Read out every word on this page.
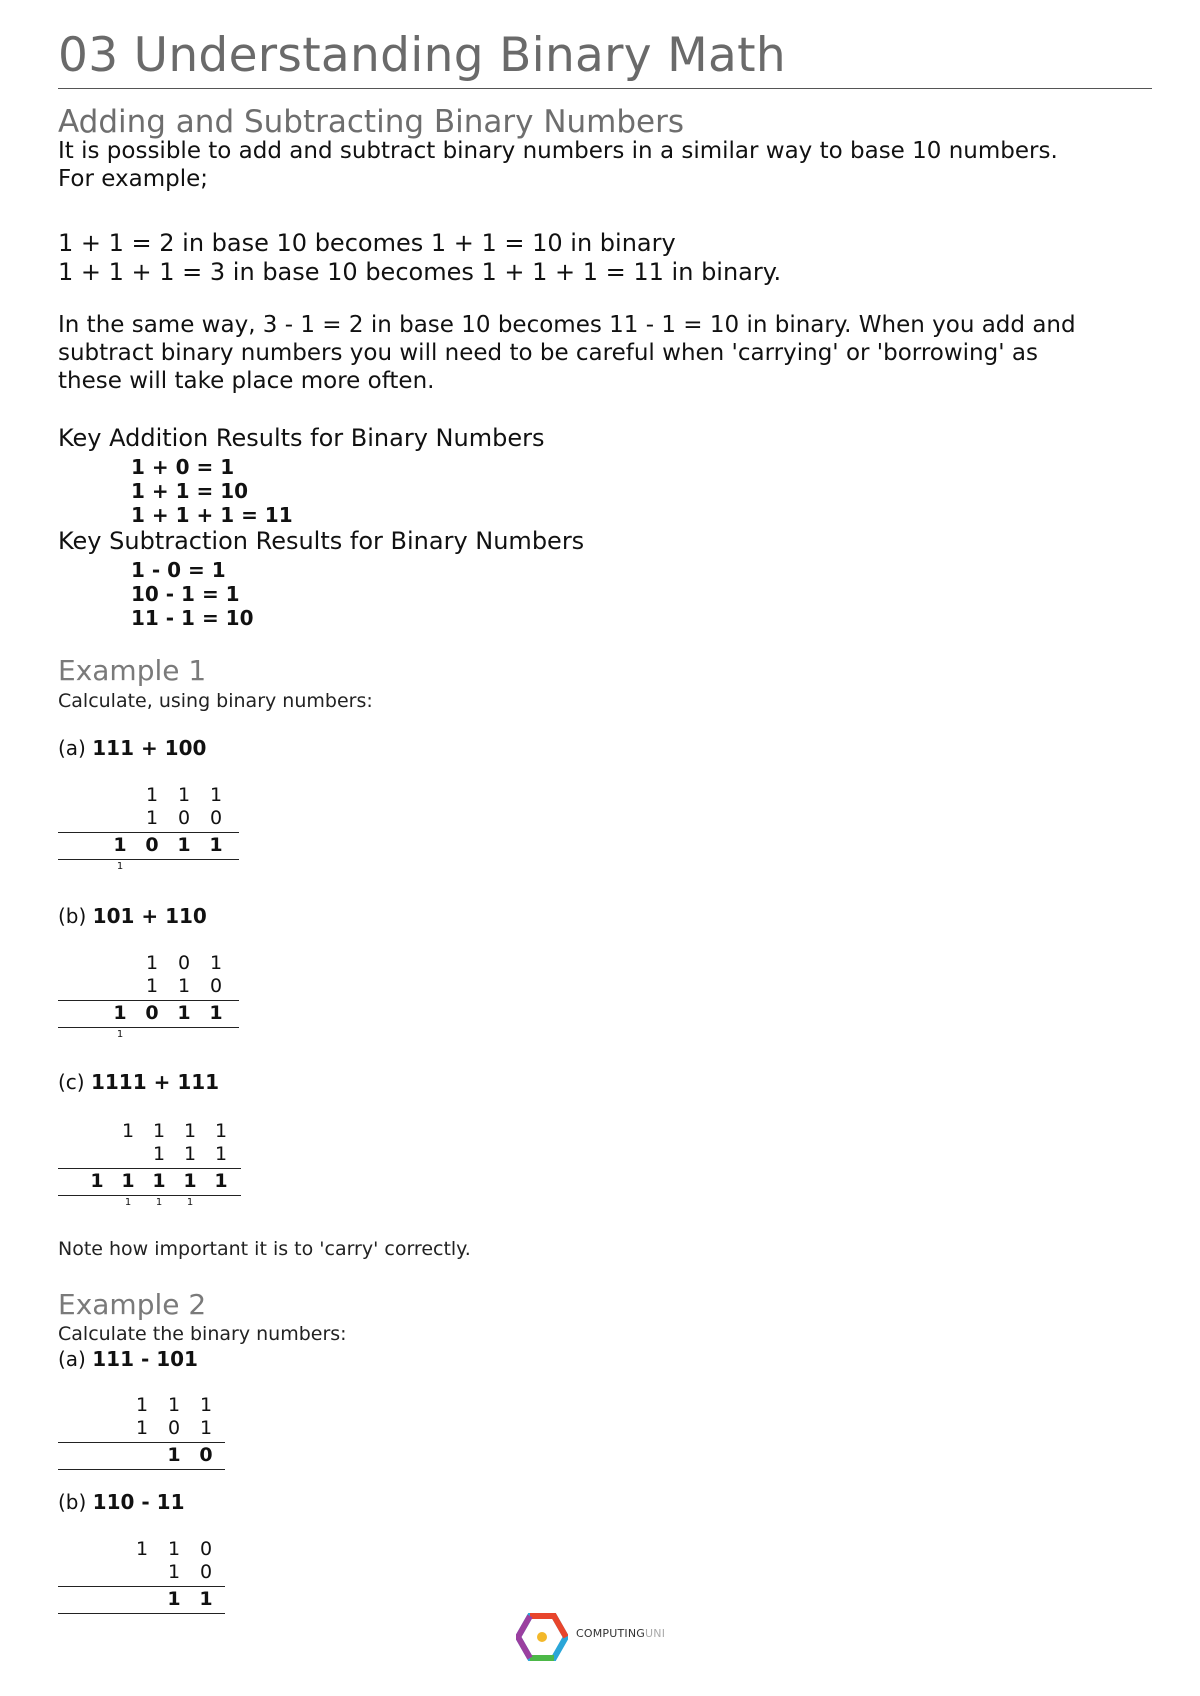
03 Understanding Binary Math
Adding and Subtracting Binary Numbers
It is possible to add and subtract binary numbers in a similar way to base 10 numbers.
For example;
1 + 1 = 2 in base 10 becomes 1 + 1 = 10 in binary
1 + 1 + 1 = 3 in base 10 becomes 1 + 1 + 1 = 11 in binary.
In the same way, 3 - 1 = 2 in base 10 becomes 11 - 1 = 10 in binary. When you add and
subtract binary numbers you will need to be careful when 'carrying' or 'borrowing' as
these will take place more often.
Key Addition Results for Binary Numbers
1 + 0 = 1
1 + 1 = 10
1 + 1 + 1 = 11
Key Subtraction Results for Binary Numbers
1 - 0 = 1
10 - 1 = 1
11 - 1 = 10
Example 1
Calculate, using binary numbers:
(a) 111 + 100
1 1 1
1 0 0
1 0 1 1
1
(b) 101 + 110
1 0 1
1 1 0
1 0 1 1
1
(c) 1111 + 111
1 1 1 1
1 1 1
1 1 1 1 1
1 1 1
Note how important it is to 'carry' correctly.
Example 2
Calculate the binary numbers:
(a) 111 - 101
1 1 1
1 0 1
1 0
(b) 110 - 11
1 1 0
1 0
1 1
COMPUTINGUNI
